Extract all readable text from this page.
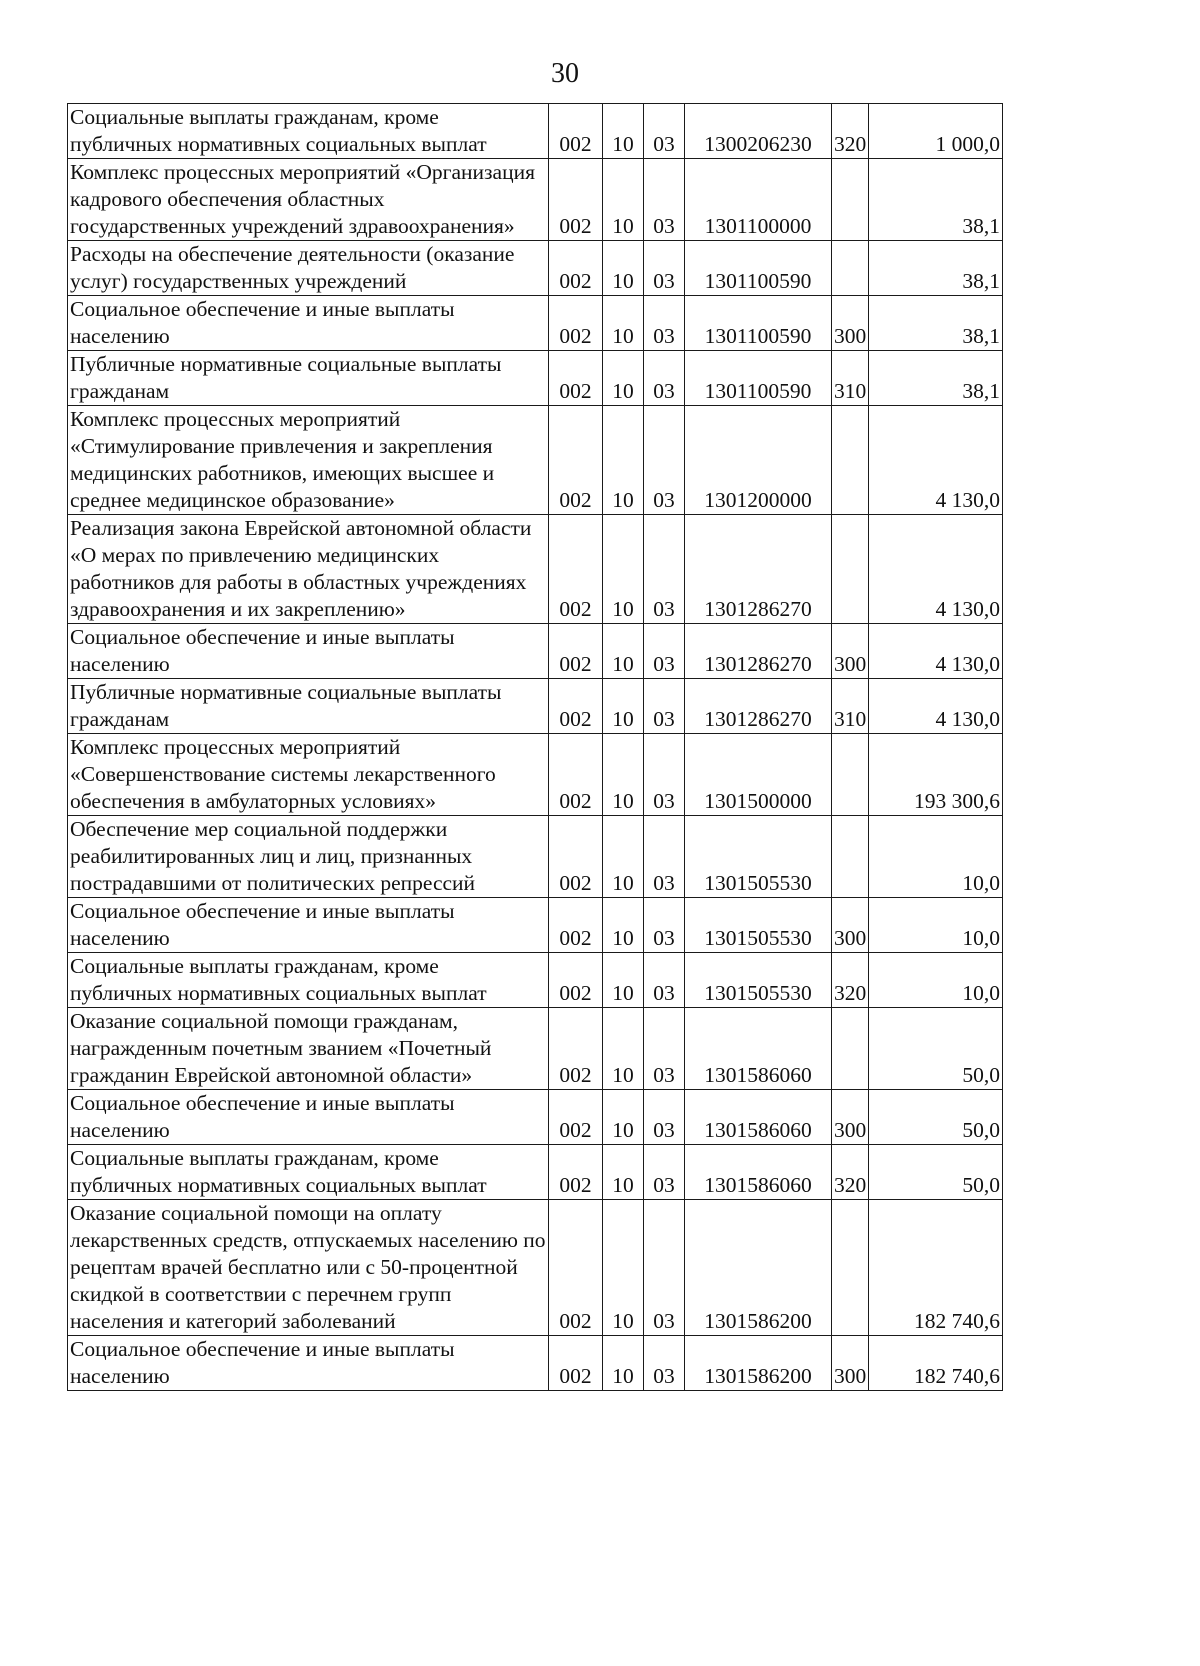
30
Социальные выплаты гражданам, кроме публичных нормативных социальных выплат	002	10	03	1300206230	320	1 000,0
Комплекс процессных мероприятий «Организация кадрового обеспечения областных государственных учреждений здравоохранения»	002	10	03	1301100000		38,1
Расходы на обеспечение деятельности (оказание услуг) государственных учреждений	002	10	03	1301100590		38,1
Социальное обеспечение и иные выплаты населению	002	10	03	1301100590	300	38,1
Публичные нормативные социальные выплаты гражданам	002	10	03	1301100590	310	38,1
Комплекс процессных мероприятий «Стимулирование привлечения и закрепления медицинских работников, имеющих высшее и среднее медицинское образование»	002	10	03	1301200000		4 130,0
Реализация закона Еврейской автономной области «О мерах по привлечению медицинских работников для работы в областных учреждениях здравоохранения и их закреплению»	002	10	03	1301286270		4 130,0
Социальное обеспечение и иные выплаты населению	002	10	03	1301286270	300	4 130,0
Публичные нормативные социальные выплаты гражданам	002	10	03	1301286270	310	4 130,0
Комплекс процессных мероприятий «Совершенствование системы лекарственного обеспечения в амбулаторных условиях»	002	10	03	1301500000		193 300,6
Обеспечение мер социальной поддержки реабилитированных лиц и лиц, признанных пострадавшими от политических репрессий	002	10	03	1301505530		10,0
Социальное обеспечение и иные выплаты населению	002	10	03	1301505530	300	10,0
Социальные выплаты гражданам, кроме публичных нормативных социальных выплат	002	10	03	1301505530	320	10,0
Оказание социальной помощи гражданам, награжденным почетным званием «Почетный гражданин Еврейской автономной области»	002	10	03	1301586060		50,0
Социальное обеспечение и иные выплаты населению	002	10	03	1301586060	300	50,0
Социальные выплаты гражданам, кроме публичных нормативных социальных выплат	002	10	03	1301586060	320	50,0
Оказание социальной помощи на оплату лекарственных средств, отпускаемых населению по рецептам врачей бесплатно или с 50-процентной скидкой в соответствии с перечнем групп населения и категорий заболеваний	002	10	03	1301586200		182 740,6
Социальное обеспечение и иные выплаты населению	002	10	03	1301586200	300	182 740,6
